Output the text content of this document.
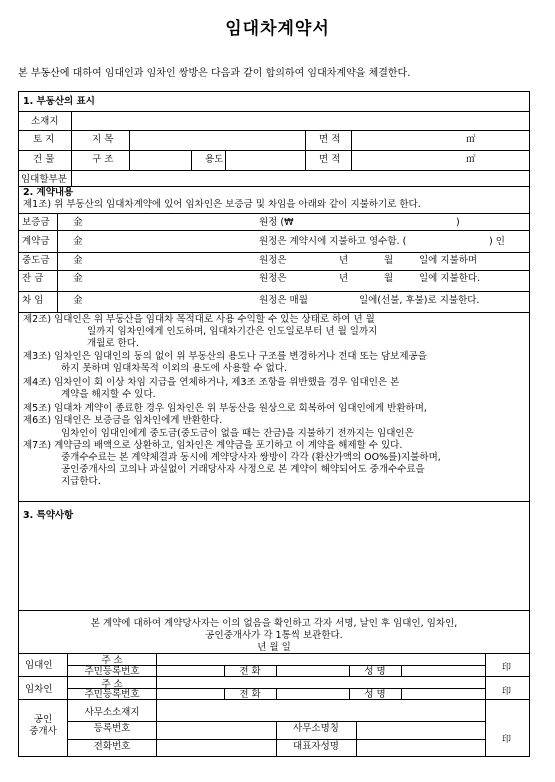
임대차계약서
본 부동산에 대하여 임대인과 임차인 쌍방은 다음과 같이 합의하여 임대차계약을 체결한다.
1. 부동산의 표시
소재지
토 지	지 목	면 적	㎡
건 물	구 조	용도	면 적	㎡
임대할부분
2. 계약내용
제1조) 위 부동산의 임대차계약에 있어 임차인은 보증금 및 차임을 아래와 같이 지불하기로 한다.
보증금 金	원정 (₩	)
계약금 金	원정은 계약시에 지불하고 영수함. (	) 인
중도금 金	원정은	년	월	일에 지불하며
잔 금	金	원정은	년	월	일에 지불한다.
차 임	金	원정은 매월	일에(선불, 후불)로 지불한다.
제2조) 임대인은 위 부동산을 임대차 목적대로 사용 수익할 수 있는 상태로 하여 년 월
일까지 임차인에게 인도하며, 임대차기간은 인도일로부터 년 월 일까지
개월로 한다.
제3조) 임차인은 임대인의 동의 없이 위 부동산의 용도나 구조를 변경하거나 전대 또는 담보제공을
하지 못하며 임대차목적 이외의 용도에 사용할 수 없다.
제4조) 임차인이 회 이상 차임 지급을 연체하거나, 제3조 조항을 위반했을 경우 임대인은 본
계약을 해지할 수 있다.
제5조) 임대차 계약이 종료한 경우 임차인은 위 부동산을 원상으로 회복하여 임대인에게 반환하며,
제6조) 임대인은 보증금을 임차인에게 반환한다.
임차인이 임대인에게 중도금(중도금이 없을 때는 잔금)을 지불하기 전까지는 임대인은
제7조) 계약금의 배액으로 상환하고, 임차인은 계약금을 포기하고 이 계약을 해제할 수 있다.
중개수수료는 본 계약체결과 동시에 계약당사자 쌍방이 각각 (환산가액의 OO%를)지불하며,
공인중개사의 고의나 과실없이 거래당사자 사정으로 본 계약이 해약되어도 중개수수료을
지급한다.
3. 특약사항
본 계약에 대하여 계약당사자는 이의 없음을 확인하고 각자 서명, 날인 후 임대인, 임차인,
공인중개사가 각 1통씩 보관한다.
년 월 일
임대인	주 소
주민등록번호	전 화	성 명	印
임차인	주 소
주민등록번호	전 화	성 명	印
공인
중개사
사무소소재지
등록번호	사무소명칭
전화번호	대표자성명
印
